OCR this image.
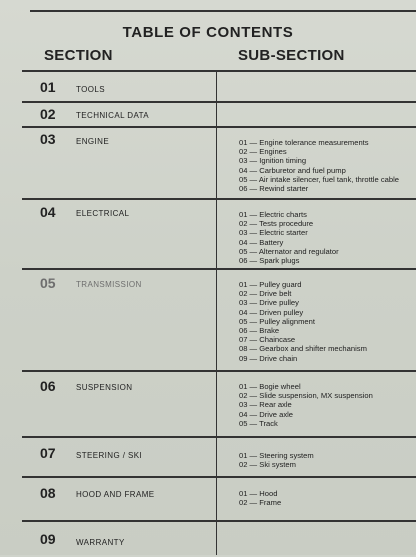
TABLE OF CONTENTS
SECTION	SUB-SECTION
01	TOOLS
02	TECHNICAL DATA
03	ENGINE	01 — Engine tolerance measurements
02 — Engines
03 — Ignition timing
04 — Carburetor and fuel pump
05 — Air intake silencer, fuel tank, throttle cable
06 — Rewind starter
04	ELECTRICAL	01 — Electric charts
02 — Tests procedure
03 — Electric starter
04 — Battery
05 — Alternator and regulator
06 — Spark plugs
05	TRANSMISSION	01 — Pulley guard
02 — Drive belt
03 — Drive pulley
04 — Driven pulley
05 — Pulley alignment
06 — Brake
07 — Chaincase
08 — Gearbox and shifter mechanism
09 — Drive chain
06	SUSPENSION	01 — Bogie wheel
02 — Slide suspension, MX suspension
03 — Rear axle
04 — Drive axle
05 — Track
07	STEERING / SKI	01 — Steering system
02 — Ski system
08	HOOD AND FRAME	01 — Hood
02 — Frame
09	WARRANTY
